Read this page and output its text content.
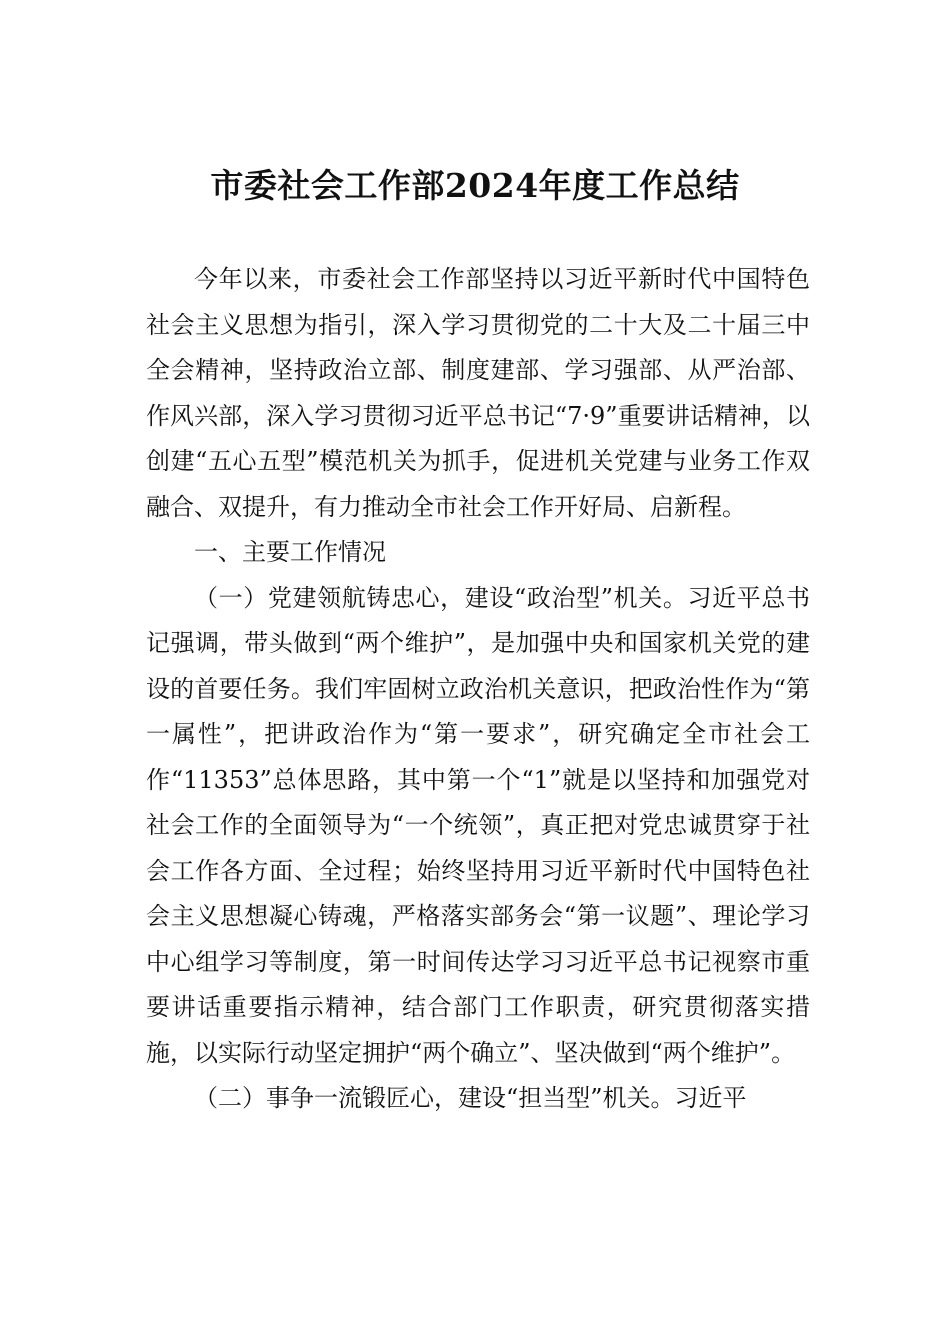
市委社会工作部2024年度工作总结

今年以来，市委社会工作部坚持以习近平新时代中国特色社会主义思想为指引，深入学习贯彻党的二十大及二十届三中全会精神，坚持政治立部、制度建部、学习强部、从严治部、作风兴部，深入学习贯彻习近平总书记“7·9”重要讲话精神，以创建“五心五型”模范机关为抓手，促进机关党建与业务工作双融合、双提升，有力推动全市社会工作开好局、启新程。

一、主要工作情况

（一）党建领航铸忠心，建设“政治型”机关。习近平总书记强调，带头做到“两个维护”，是加强中央和国家机关党的建设的首要任务。我们牢固树立政治机关意识，把政治性作为“第一属性”，把讲政治作为“第一要求”，研究确定全市社会工作“11353”总体思路，其中第一个“1”就是以坚持和加强党对社会工作的全面领导为“一个统领”，真正把对党忠诚贯穿于社会工作各方面、全过程；始终坚持用习近平新时代中国特色社会主义思想凝心铸魂，严格落实部务会“第一议题”、理论学习中心组学习等制度，第一时间传达学习习近平总书记视察市重要讲话重要指示精神，结合部门工作职责，研究贯彻落实措施，以实际行动坚定拥护“两个确立”、坚决做到“两个维护”。

（二）事争一流锻匠心，建设“担当型”机关。习近平
